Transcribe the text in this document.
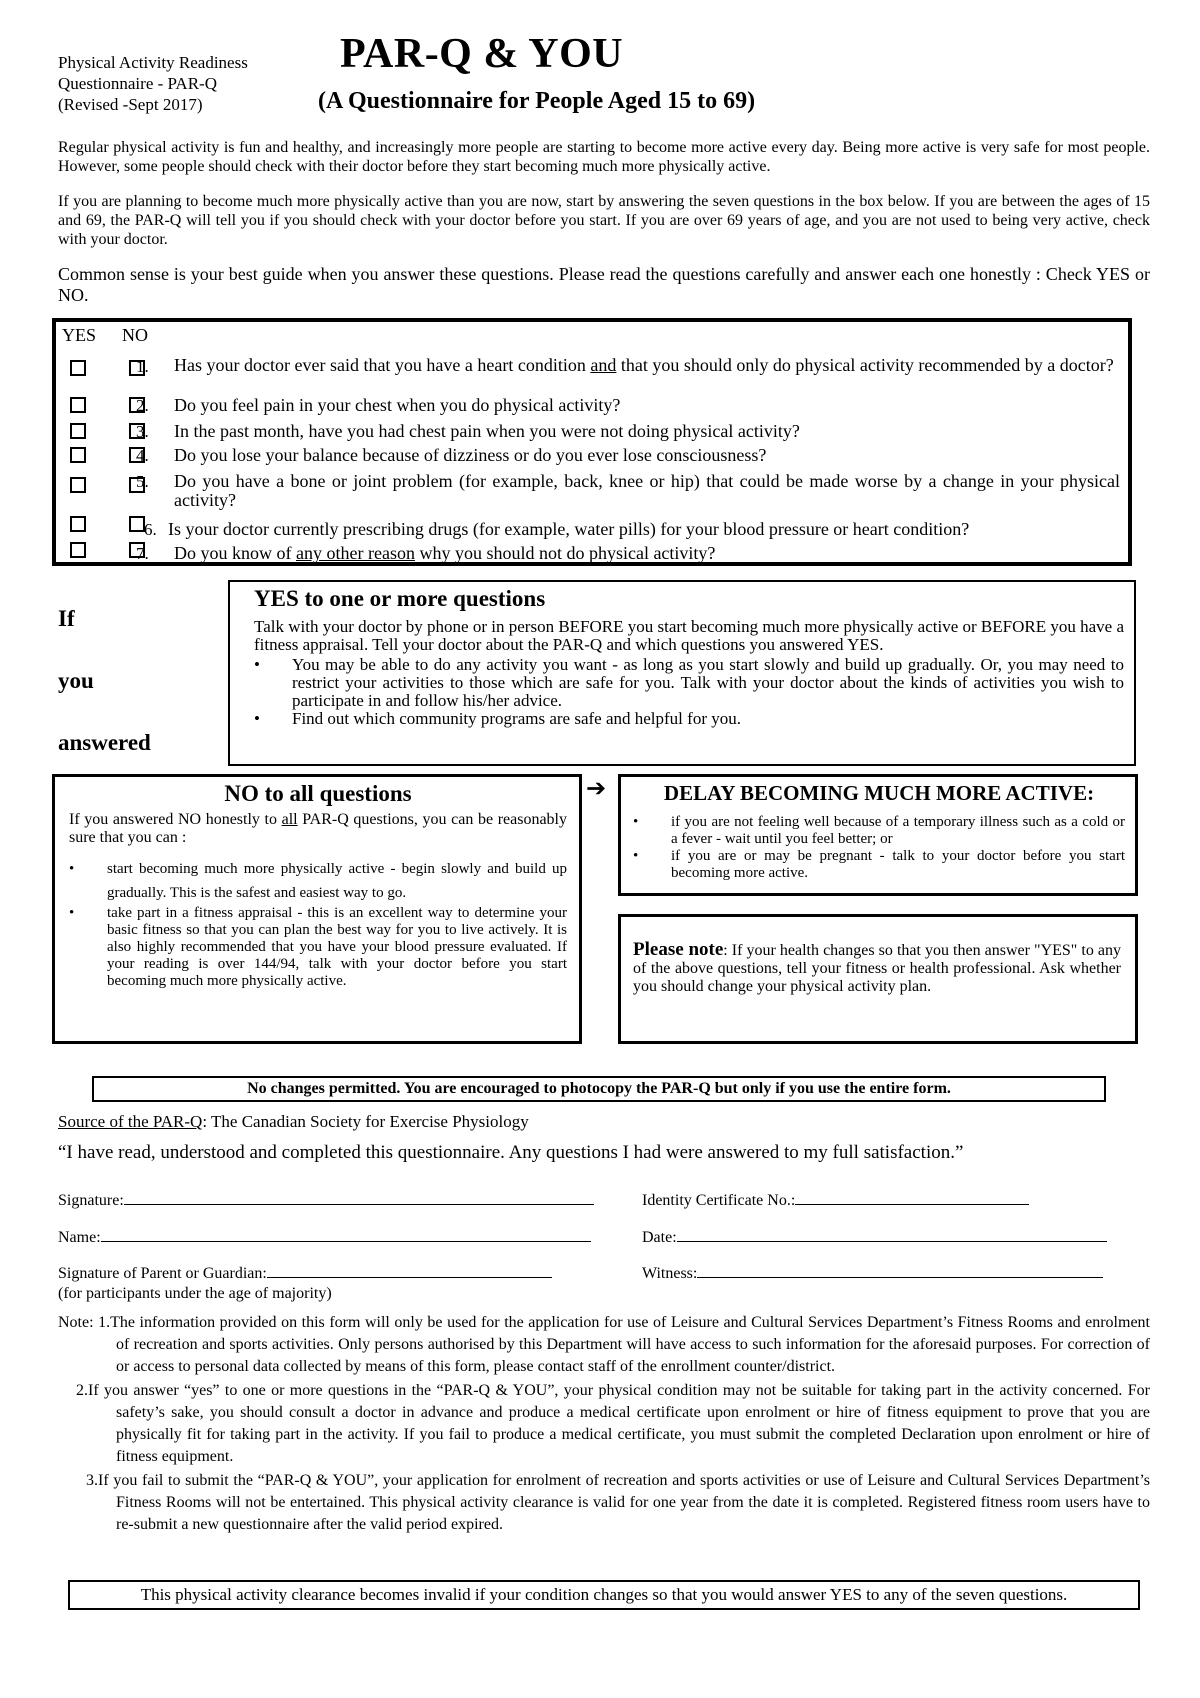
Physical Activity Readiness
Questionnaire - PAR-Q
(Revised -Sept 2017)
PAR-Q & YOU
(A Questionnaire for People Aged 15 to 69)
Regular physical activity is fun and healthy, and increasingly more people are starting to become more active every day. Being more active is very safe for most people. However, some people should check with their doctor before they start becoming much more physically active.
If you are planning to become much more physically active than you are now, start by answering the seven questions in the box below. If you are between the ages of 15 and 69, the PAR-Q will tell you if you should check with your doctor before you start. If you are over 69 years of age, and you are not used to being very active, check with your doctor.
Common sense is your best guide when you answer these questions. Please read the questions carefully and answer each one honestly : Check YES or NO.
YES NO
1. Has your doctor ever said that you have a heart condition and that you should only do physical activity recommended by a doctor?
2. Do you feel pain in your chest when you do physical activity?
3. In the past month, have you had chest pain when you were not doing physical activity?
4. Do you lose your balance because of dizziness or do you ever lose consciousness?
5. Do you have a bone or joint problem (for example, back, knee or hip) that could be made worse by a change in your physical activity?
6. Is your doctor currently prescribing drugs (for example, water pills) for your blood pressure or heart condition?
7. Do you know of any other reason why you should not do physical activity?
If
you
answered
YES to one or more questions

Talk with your doctor by phone or in person BEFORE you start becoming much more physically active or BEFORE you have a fitness appraisal. Tell your doctor about the PAR-Q and which questions you answered YES.

• You may be able to do any activity you want - as long as you start slowly and build up gradually. Or, you may need to restrict your activities to those which are safe for you. Talk with your doctor about the kinds of activities you wish to participate in and follow his/her advice.
• Find out which community programs are safe and helpful for you.
NO to all questions

If you answered NO honestly to all PAR-Q questions, you can be reasonably sure that you can :

• start becoming much more physically active - begin slowly and build up gradually. This is the safest and easiest way to go.
• take part in a fitness appraisal - this is an excellent way to determine your basic fitness so that you can plan the best way for you to live actively. It is also highly recommended that you have your blood pressure evaluated. If your reading is over 144/94, talk with your doctor before you start becoming much more physically active.
➔	DELAY BECOMING MUCH MORE ACTIVE:
• if you are not feeling well because of a temporary illness such as a cold or a fever - wait until you feel better; or
• if you are or may be pregnant - talk to your doctor before you start becoming more active.
Please note: If your health changes so that you then answer "YES" to any of the above questions, tell your fitness or health professional. Ask whether you should change your physical activity plan.
No changes permitted. You are encouraged to photocopy the PAR-Q but only if you use the entire form.
Source of the PAR-Q: The Canadian Society for Exercise Physiology
“I have read, understood and completed this questionnaire. Any questions I had were answered to my full satisfaction.”
Signature:	Identity Certificate No.:
Name:	Date:
Signature of Parent or Guardian:	Witness:
(for participants under the age of majority)
Note: 1.The information provided on this form will only be used for the application for use of Leisure and Cultural Services Department’s Fitness Rooms and enrolment of recreation and sports activities. Only persons authorised by this Department will have access to such information for the aforesaid purposes. For correction of or access to personal data collected by means of this form, please contact staff of the enrollment counter/district.
2.If you answer “yes” to one or more questions in the “PAR-Q & YOU”, your physical condition may not be suitable for taking part in the activity concerned. For safety’s sake, you should consult a doctor in advance and produce a medical certificate upon enrolment or hire of fitness equipment to prove that you are physically fit for taking part in the activity. If you fail to produce a medical certificate, you must submit the completed Declaration upon enrolment or hire of fitness equipment.
3.If you fail to submit the “PAR-Q & YOU”, your application for enrolment of recreation and sports activities or use of Leisure and Cultural Services Department’s Fitness Rooms will not be entertained. This physical activity clearance is valid for one year from the date it is completed. Registered fitness room users have to re-submit a new questionnaire after the valid period expired.
This physical activity clearance becomes invalid if your condition changes so that you would answer YES to any of the seven questions.
